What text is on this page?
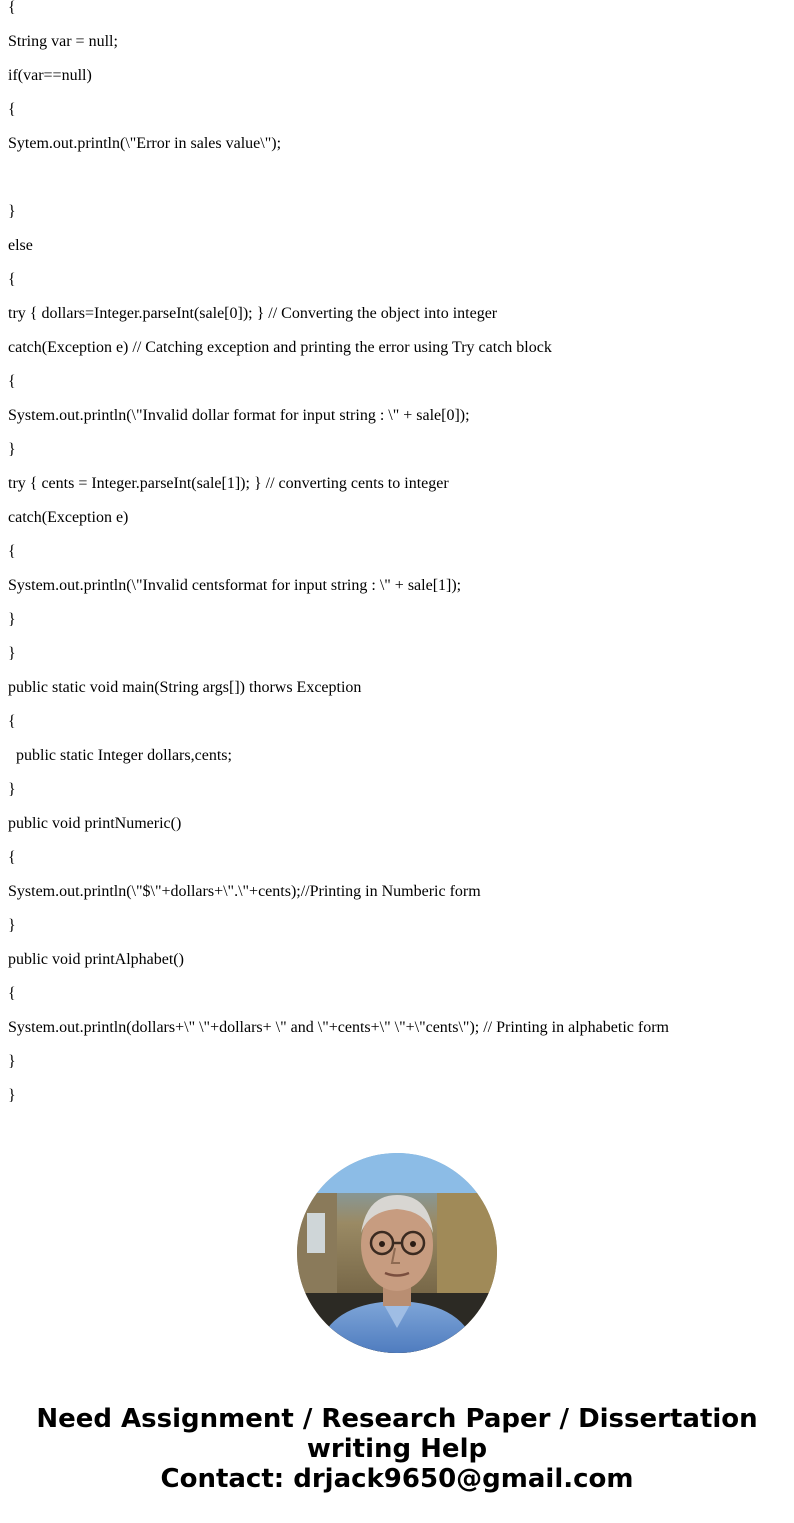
{

String var = null;

if(var==null)

{

Sytem.out.println(\"Error in sales value\");

}

else

{

try { dollars=Integer.parseInt(sale[0]); } // Converting the object into integer

catch(Exception e) // Catching exception and printing the error using Try catch block

{

System.out.println(\"Invalid dollar format for input string : \" + sale[0]);

}

try { cents = Integer.parseInt(sale[1]); } // converting cents to integer

catch(Exception e)

{

System.out.println(\"Invalid centsformat for input string : \" + sale[1]);

}

}

public static void main(String args[]) thorws Exception

{

public static Integer dollars,cents;

}

public void printNumeric()

{

System.out.println(\"$\"+dollars+\".\"+cents);//Printing in Numberic form

}

public void printAlphabet()

{

System.out.println(dollars+\" \"+dollars+ \" and \"+cents+\" \"+\"cents\"); // Printing in alphabetic form

}

}

Need Assignment / Research Paper / Dissertation
writing Help
Contact: drjack9650@gmail.com
